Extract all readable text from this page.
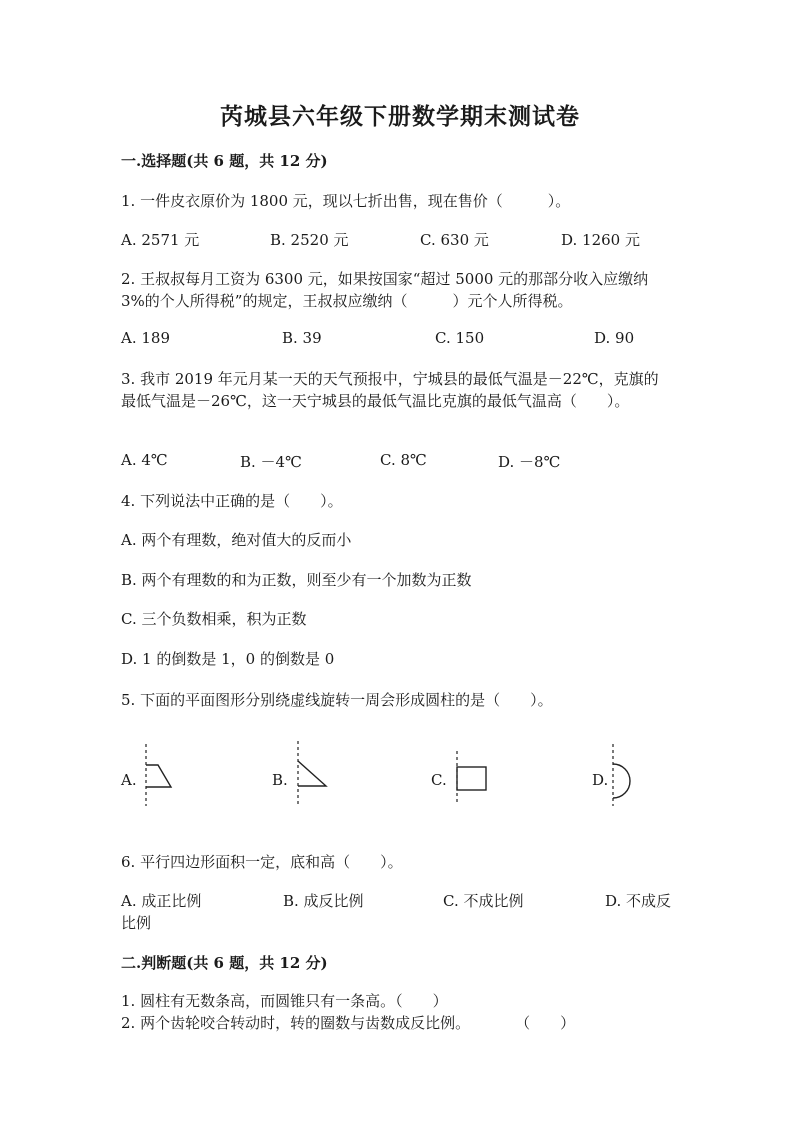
芮城县六年级下册数学期末测试卷
一.选择题(共 6 题，共 12 分)
1. 一件皮衣原价为 1800 元，现以七折出售，现在售价（　　　）。
A. 2571 元	B. 2520 元	C. 630 元	D. 1260 元
2. 王叔叔每月工资为 6300 元，如果按国家“超过 5000 元的那部分收入应缴纳
3%的个人所得税”的规定，王叔叔应缴纳（　　　）元个人所得税。
A. 189	B. 39	C. 150	D. 90
3. 我市 2019 年元月某一天的天气预报中，宁城县的最低气温是－22℃，克旗的
最低气温是－26℃，这一天宁城县的最低气温比克旗的最低气温高（　　）。
A. 4℃	B. －4℃	C. 8℃	D. －8℃
4. 下列说法中正确的是（　　）。
A. 两个有理数，绝对值大的反而小
B. 两个有理数的和为正数，则至少有一个加数为正数
C. 三个负数相乘，积为正数
D. 1 的倒数是 1，0 的倒数是 0
5. 下面的平面图形分别绕虚线旋转一周会形成圆柱的是（　　）。
A.	B.	C.	D.
6. 平行四边形面积一定，底和高（　　）。
A. 成正比例	B. 成反比例	C. 不成比例	D. 不成反
比例
二.判断题(共 6 题，共 12 分)
1. 圆柱有无数条高，而圆锥只有一条高。（　　）
2. 两个齿轮咬合转动时，转的圈数与齿数成反比例。　　　　（　　）
